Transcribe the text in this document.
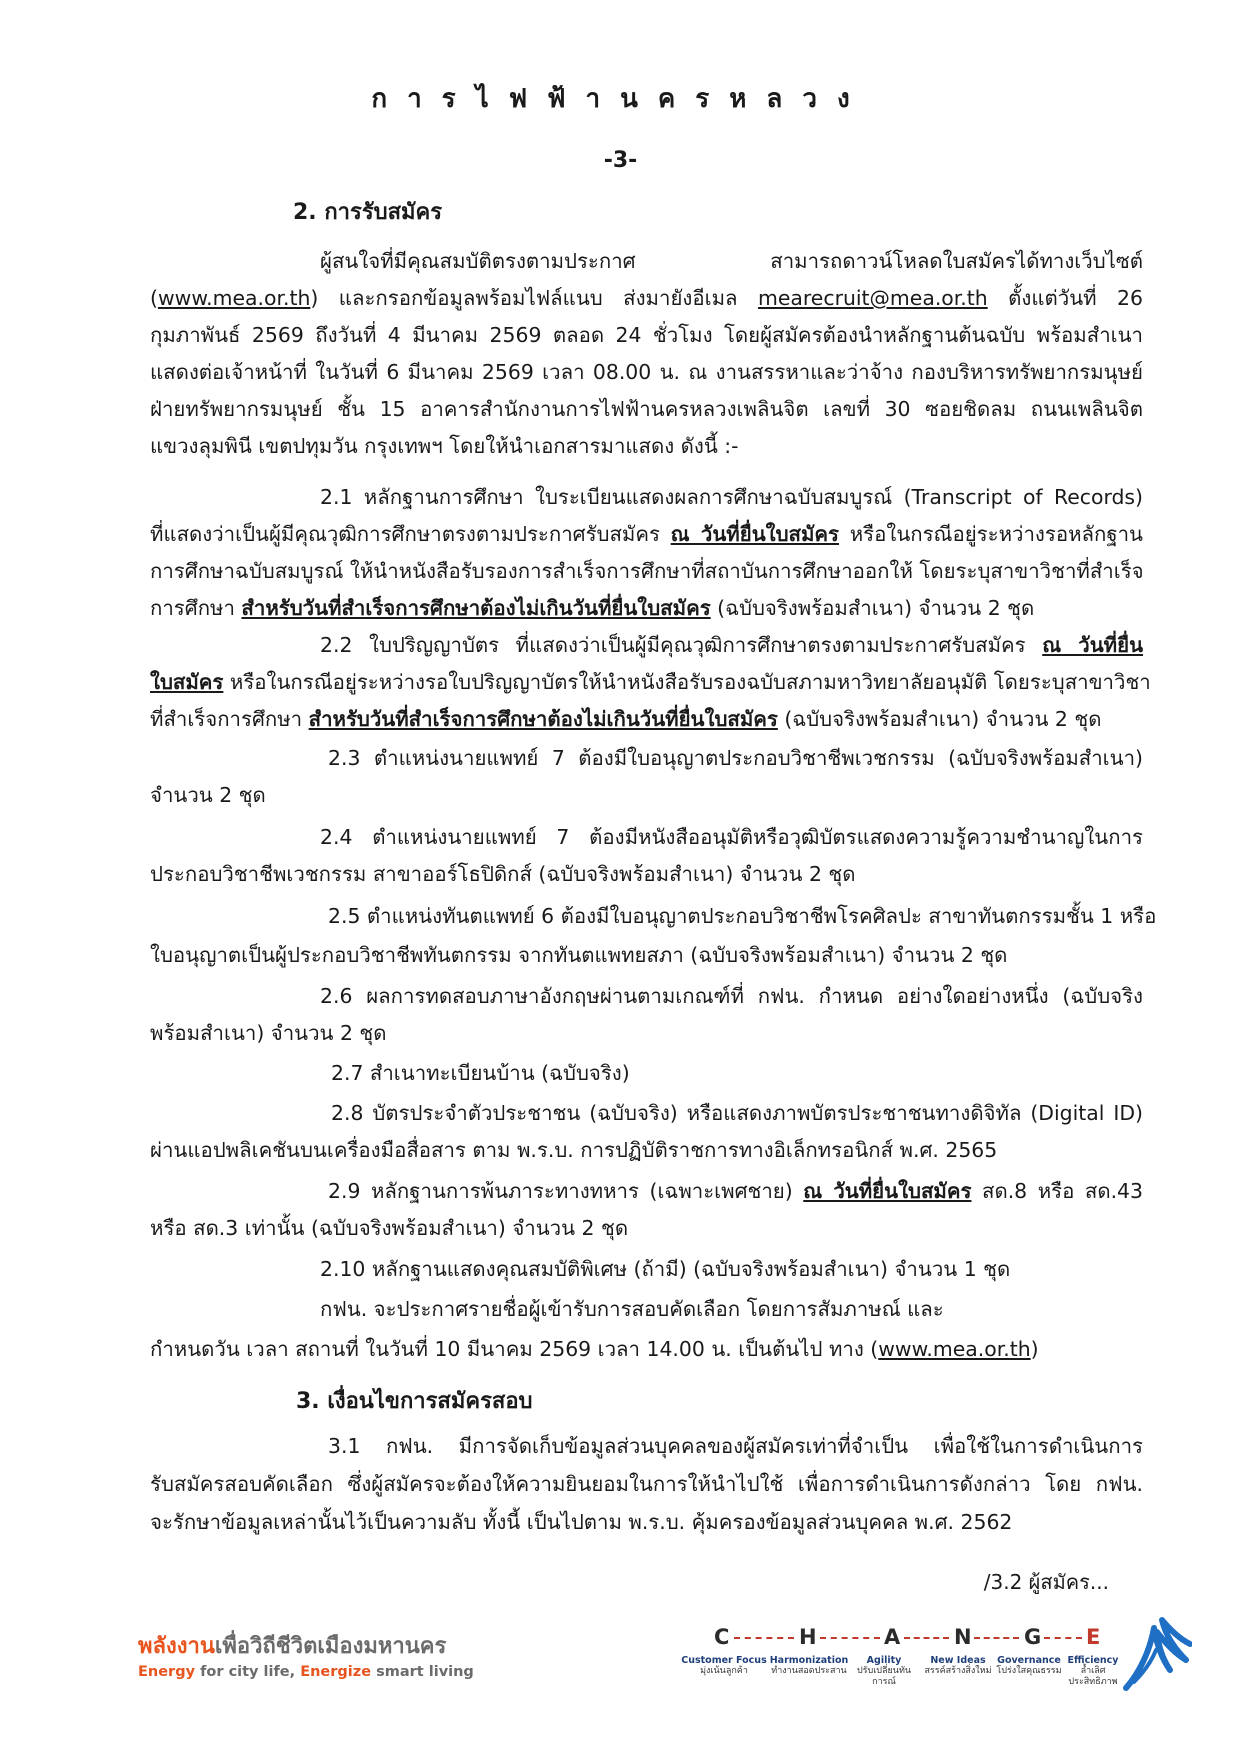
การไฟฟ้านครหลวง
-3-
2. การรับสมัคร
ผู้สนใจที่มีคุณสมบัติตรงตามประกาศ สามารถดาวน์โหลดใบสมัครได้ทางเว็บไซต์
(www.mea.or.th) และกรอกข้อมูลพร้อมไฟล์แนบ ส่งมายังอีเมล mearecruit@mea.or.th ตั้งแต่วันที่ 26
กุมภาพันธ์ 2569 ถึงวันที่ 4 มีนาคม 2569 ตลอด 24 ชั่วโมง โดยผู้สมัครต้องนำหลักฐานต้นฉบับ พร้อมสำเนา
แสดงต่อเจ้าหน้าที่ ในวันที่ 6 มีนาคม 2569 เวลา 08.00 น. ณ งานสรรหาและว่าจ้าง กองบริหารทรัพยากรมนุษย์
ฝ่ายทรัพยากรมนุษย์ ชั้น 15 อาคารสำนักงานการไฟฟ้านครหลวงเพลินจิต เลขที่ 30 ซอยชิดลม ถนนเพลินจิต
แขวงลุมพินี เขตปทุมวัน กรุงเทพฯ โดยให้นำเอกสารมาแสดง ดังนี้ :-
2.1 หลักฐานการศึกษา ใบระเบียนแสดงผลการศึกษาฉบับสมบูรณ์ (Transcript of Records)
ที่แสดงว่าเป็นผู้มีคุณวุฒิการศึกษาตรงตามประกาศรับสมัคร ณ วันที่ยื่นใบสมัคร หรือในกรณีอยู่ระหว่างรอหลักฐาน
การศึกษาฉบับสมบูรณ์ ให้นำหนังสือรับรองการสำเร็จการศึกษาที่สถาบันการศึกษาออกให้ โดยระบุสาขาวิชาที่สำเร็จ
การศึกษา สำหรับวันที่สำเร็จการศึกษาต้องไม่เกินวันที่ยื่นใบสมัคร (ฉบับจริงพร้อมสำเนา) จำนวน 2 ชุด
2.2 ใบปริญญาบัตร ที่แสดงว่าเป็นผู้มีคุณวุฒิการศึกษาตรงตามประกาศรับสมัคร ณ วันที่ยื่น
ใบสมัคร หรือในกรณีอยู่ระหว่างรอใบปริญญาบัตรให้นำหนังสือรับรองฉบับสภามหาวิทยาลัยอนุมัติ โดยระบุสาขาวิชา
ที่สำเร็จการศึกษา สำหรับวันที่สำเร็จการศึกษาต้องไม่เกินวันที่ยื่นใบสมัคร (ฉบับจริงพร้อมสำเนา) จำนวน 2 ชุด
2.3 ตำแหน่งนายแพทย์ 7 ต้องมีใบอนุญาตประกอบวิชาชีพเวชกรรม (ฉบับจริงพร้อมสำเนา)
จำนวน 2 ชุด
2.4 ตำแหน่งนายแพทย์ 7 ต้องมีหนังสืออนุมัติหรือวุฒิบัตรแสดงความรู้ความชำนาญในการ
ประกอบวิชาชีพเวชกรรม สาขาออร์โธปิดิกส์ (ฉบับจริงพร้อมสำเนา) จำนวน 2 ชุด
2.5 ตำแหน่งทันตแพทย์ 6 ต้องมีใบอนุญาตประกอบวิชาชีพโรคศิลปะ สาขาทันตกรรมชั้น 1 หรือ
ใบอนุญาตเป็นผู้ประกอบวิชาชีพทันตกรรม จากทันตแพทยสภา (ฉบับจริงพร้อมสำเนา) จำนวน 2 ชุด
2.6 ผลการทดสอบภาษาอังกฤษผ่านตามเกณฑ์ที่ กฟน. กำหนด อย่างใดอย่างหนึ่ง (ฉบับจริง
พร้อมสำเนา) จำนวน 2 ชุด
2.7 สำเนาทะเบียนบ้าน (ฉบับจริง)
2.8 บัตรประจำตัวประชาชน (ฉบับจริง) หรือแสดงภาพบัตรประชาชนทางดิจิทัล (Digital ID)
ผ่านแอปพลิเคชันบนเครื่องมือสื่อสาร ตาม พ.ร.บ. การปฏิบัติราชการทางอิเล็กทรอนิกส์ พ.ศ. 2565
2.9 หลักฐานการพ้นภาระทางทหาร (เฉพาะเพศชาย) ณ วันที่ยื่นใบสมัคร สด.8 หรือ สด.43
หรือ สด.3 เท่านั้น (ฉบับจริงพร้อมสำเนา) จำนวน 2 ชุด
2.10 หลักฐานแสดงคุณสมบัติพิเศษ (ถ้ามี) (ฉบับจริงพร้อมสำเนา) จำนวน 1 ชุด
กฟน. จะประกาศรายชื่อผู้เข้ารับการสอบคัดเลือก โดยการสัมภาษณ์ และ
กำหนดวัน เวลา สถานที่ ในวันที่ 10 มีนาคม 2569 เวลา 14.00 น. เป็นต้นไป ทาง (www.mea.or.th)
3. เงื่อนไขการสมัครสอบ
3.1 กฟน. มีการจัดเก็บข้อมูลส่วนบุคคลของผู้สมัครเท่าที่จำเป็น เพื่อใช้ในการดำเนินการ
รับสมัครสอบคัดเลือก ซึ่งผู้สมัครจะต้องให้ความยินยอมในการให้นำไปใช้ เพื่อการดำเนินการดังกล่าว โดย กฟน.
จะรักษาข้อมูลเหล่านั้นไว้เป็นความลับ ทั้งนี้ เป็นไปตาม พ.ร.บ. คุ้มครองข้อมูลส่วนบุคคล พ.ศ. 2562
/3.2 ผู้สมัคร...
พลังงานเพื่อวิถีชีวิตเมืองมหานคร
Energy for city life, Energize smart living
C	H	A	N G E
Customer Focus
มุ่งเน้นลูกค้า
Harmonization
ทำงานสอดประสาน
Agility
ปรับเปลี่ยนทันการณ์
New Ideas
สรรค์สร้างสิ่งใหม่
Governance
โปร่งใสคุณธรรม
Efficiency
ล้ำเลิศประสิทธิภาพ
